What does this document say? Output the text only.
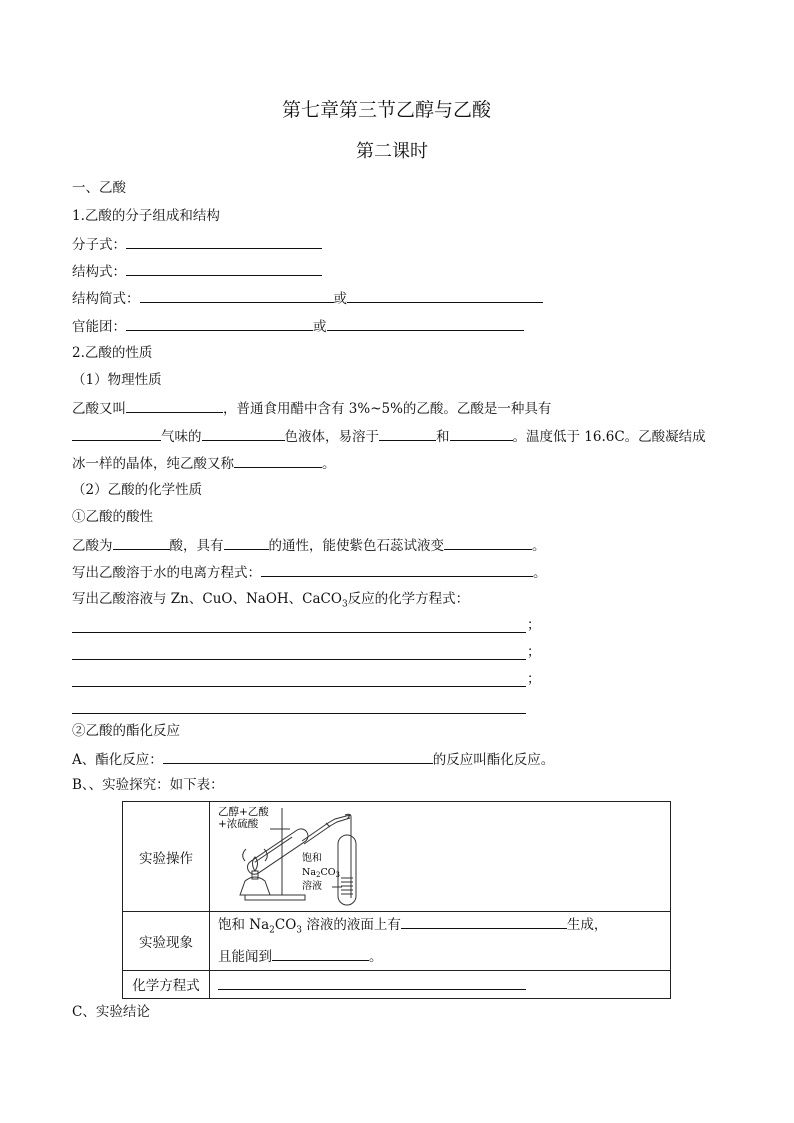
第七章第三节乙醇与乙酸
第二课时
一、乙酸
1.乙酸的分子组成和结构
分子式：
结构式：
结构简式：	或
官能团：	或
2.乙酸的性质
（1）物理性质
乙酸又叫	，普通食用醋中含有 3%~5%的乙酸。乙酸是一种具有
气味的	色液体，易溶于	和	。温度低于 16.6C。乙酸凝结成
冰一样的晶体，纯乙酸又称	。
（2）乙酸的化学性质
①乙酸的酸性
乙酸为	酸，具有	的通性，能使紫色石蕊试液变	。
写出乙酸溶于水的电离方程式：	。
写出乙酸溶液与 Zn、CuO、NaOH、CaCO$_3$反应的化学方程式：
；
；
；
②乙酸的酯化反应
A、酯化反应：	的反应叫酯化反应。
B、、实验探究：如下表：
实验操作	乙醇+乙酸
+浓硫酸
饱和
$Na_2CO_3$
溶液

实验现象	饱和 $Na_2CO_3$ 溶液的液面上有 生成，
且能闻到 。

化学方程式	
C、实验结论
